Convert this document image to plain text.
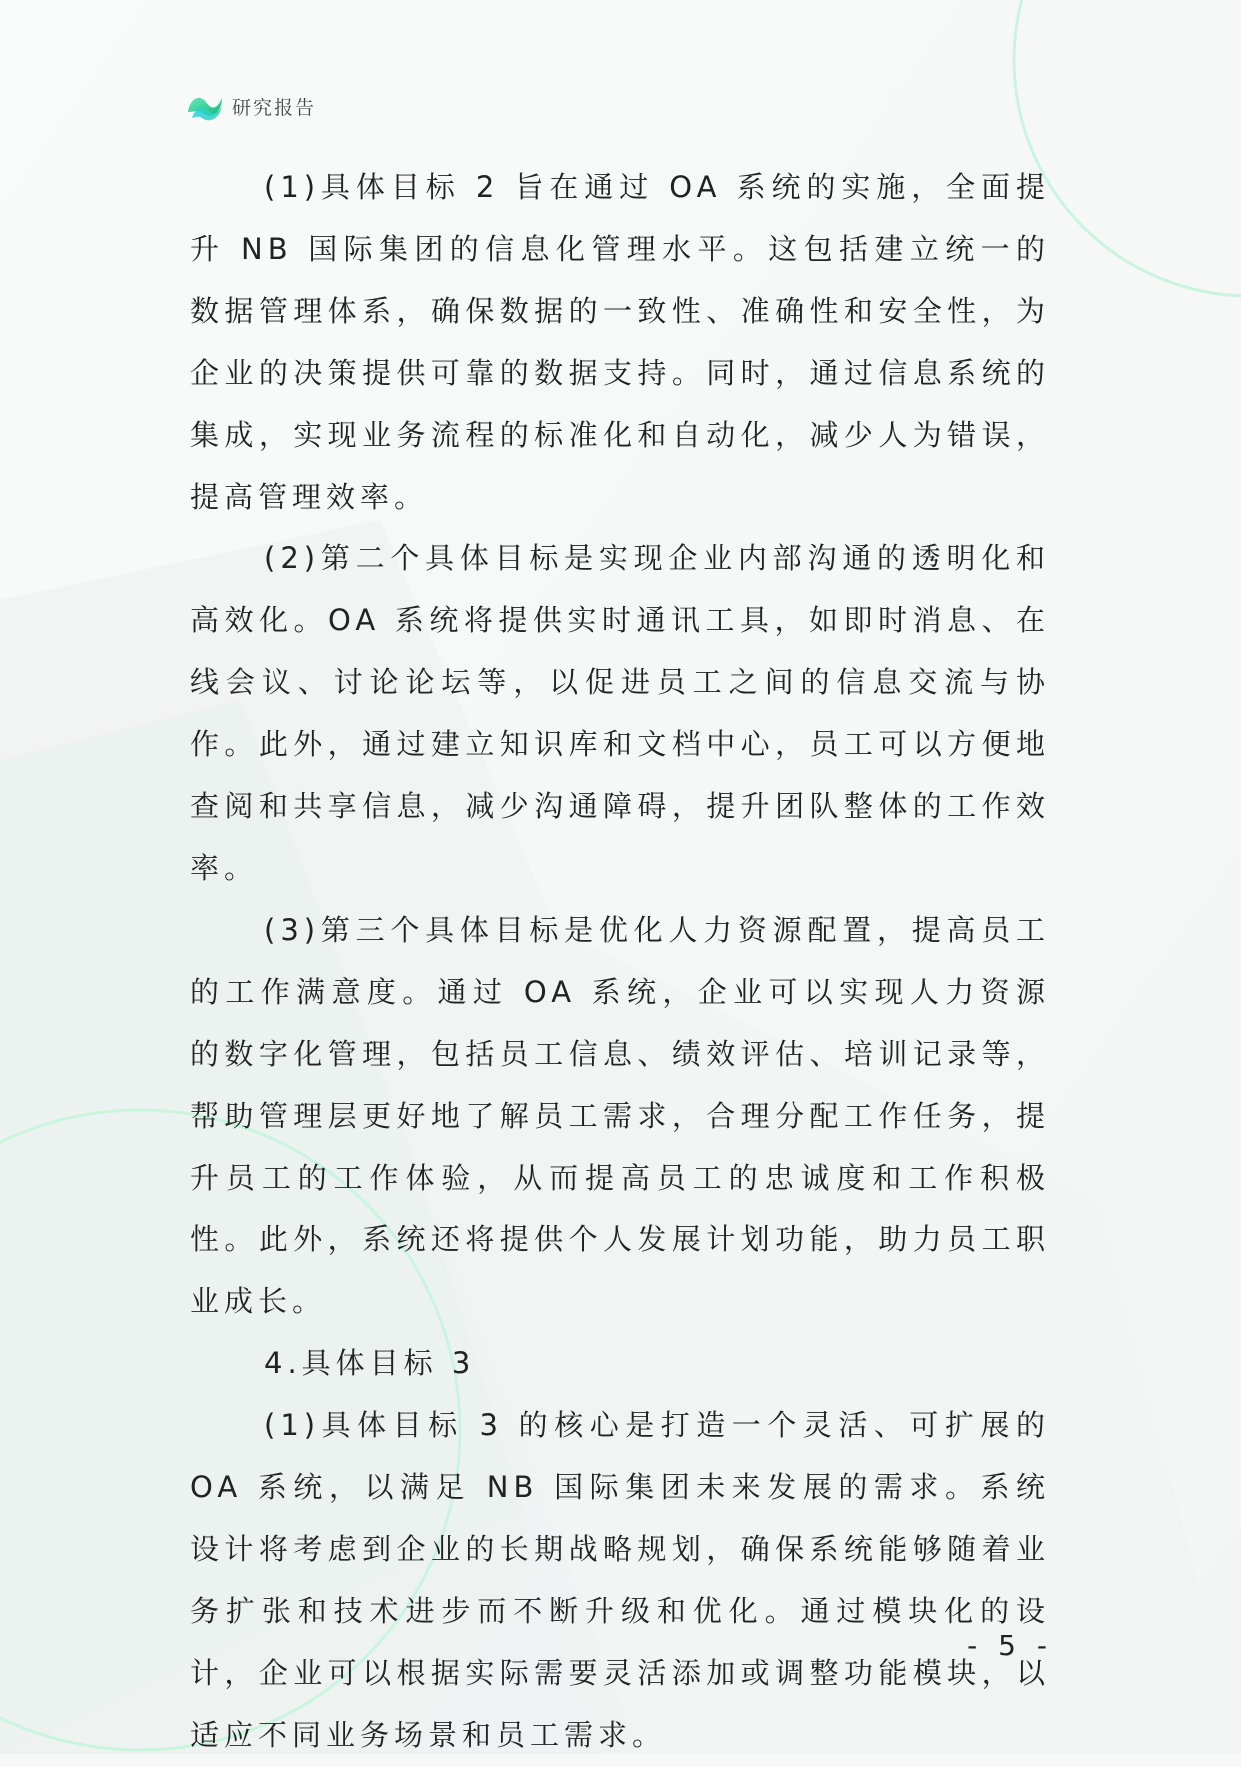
研究报告

(1)具体目标 2 旨在通过 OA 系统的实施，全面提升 NB 国际集团的信息化管理水平。这包括建立统一的数据管理体系，确保数据的一致性、准确性和安全性，为企业的决策提供可靠的数据支持。同时，通过信息系统的集成，实现业务流程的标准化和自动化，减少人为错误，提高管理效率。

(2)第二个具体目标是实现企业内部沟通的透明化和高效化。OA 系统将提供实时通讯工具，如即时消息、在线会议、讨论论坛等，以促进员工之间的信息交流与协作。此外，通过建立知识库和文档中心，员工可以方便地查阅和共享信息，减少沟通障碍，提升团队整体的工作效率。

(3)第三个具体目标是优化人力资源配置，提高员工的工作满意度。通过 OA 系统，企业可以实现人力资源的数字化管理，包括员工信息、绩效评估、培训记录等，帮助管理层更好地了解员工需求，合理分配工作任务，提升员工的工作体验，从而提高员工的忠诚度和工作积极性。此外，系统还将提供个人发展计划功能，助力员工职业成长。

4.具体目标 3

(1)具体目标 3 的核心是打造一个灵活、可扩展的 OA 系统，以满足 NB 国际集团未来发展的需求。系统设计将考虑到企业的长期战略规划，确保系统能够随着业务扩张和技术进步而不断升级和优化。通过模块化的设计，企业可以根据实际需要灵活添加或调整功能模块，以适应不同业务场景和员工需求。

- 5 -
